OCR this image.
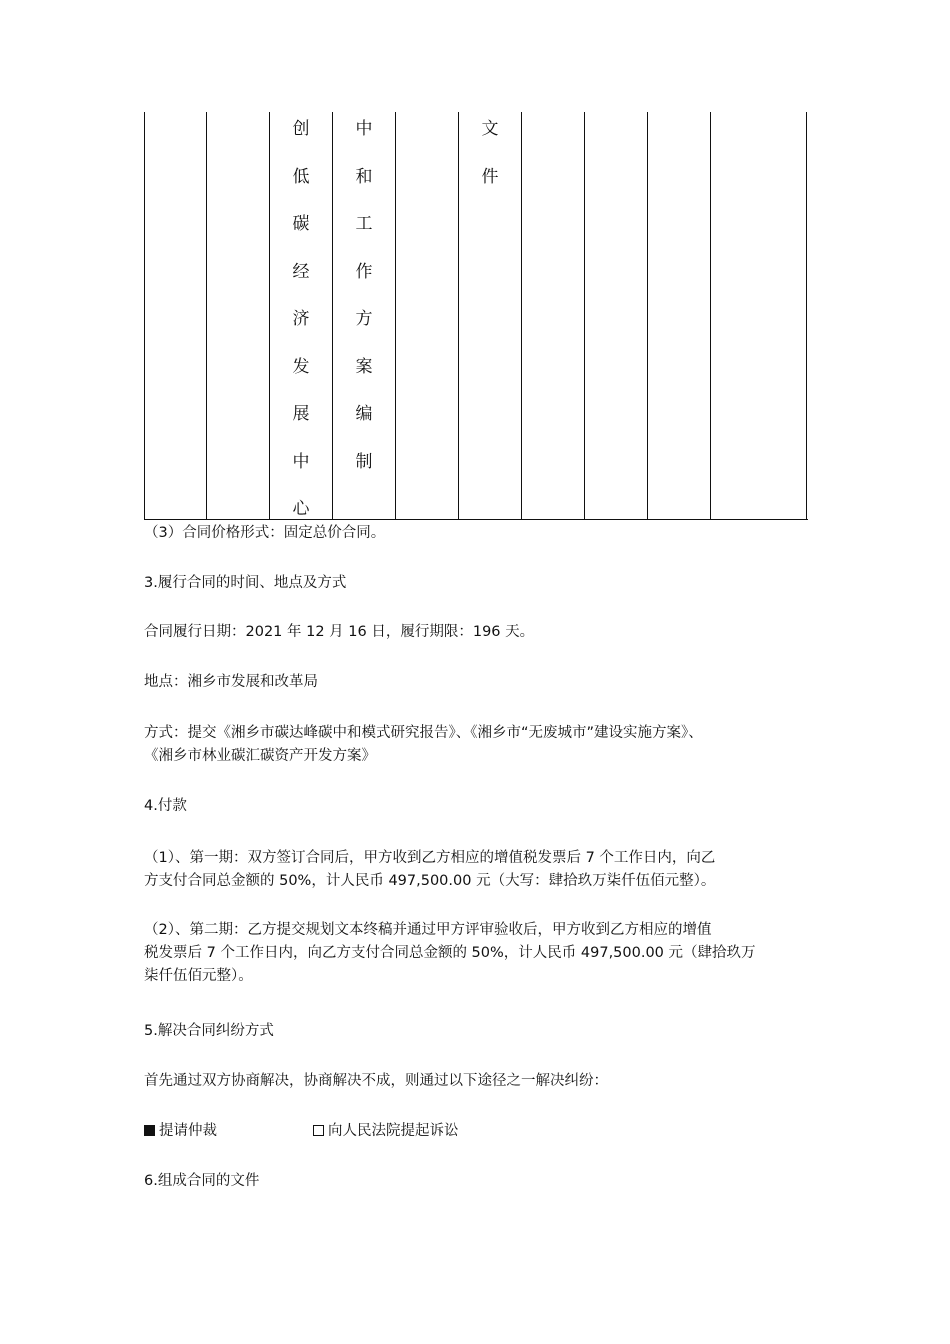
创
低
碳
经
济
发
展
中
心
中
和
工
作
方
案
编
制
文
件

（3）合同价格形式：固定总价合同。

3.履行合同的时间、地点及方式

合同履行日期：2021 年 12 月 16 日，履行期限：196 天。

地点：湘乡市发展和改革局

方式：提交《湘乡市碳达峰碳中和模式研究报告》、《湘乡市“无废城市”建设实施方案》、
《湘乡市林业碳汇碳资产开发方案》

4.付款

（1）、第一期：双方签订合同后，甲方收到乙方相应的增值税发票后 7 个工作日内，向乙
方支付合同总金额的 50%，计人民币 497,500.00 元（大写：肆拾玖万柒仟伍佰元整）。

（2）、第二期：乙方提交规划文本终稿并通过甲方评审验收后，甲方收到乙方相应的增值
税发票后 7 个工作日内，向乙方支付合同总金额的 50%，计人民币 497,500.00 元（肆拾玖万
柒仟伍佰元整）。

5.解决合同纠纷方式

首先通过双方协商解决，协商解决不成，则通过以下途径之一解决纠纷：

提请仲裁	向人民法院提起诉讼

6.组成合同的文件
